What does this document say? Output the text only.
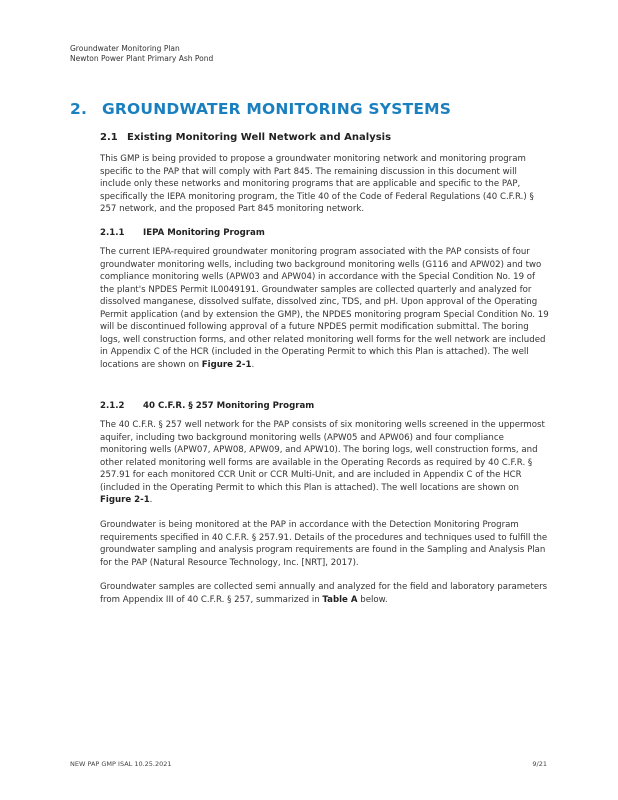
Groundwater Monitoring Plan
Newton Power Plant Primary Ash Pond
2. GROUNDWATER MONITORING SYSTEMS
2.1 Existing Monitoring Well Network and Analysis

This GMP is being provided to propose a groundwater monitoring network and monitoring program specific to the PAP that will comply with Part 845. The remaining discussion in this document will include only these networks and monitoring programs that are applicable and specific to the PAP, specifically the IEPA monitoring program, the Title 40 of the Code of Federal Regulations (40 C.F.R.) § 257 network, and the proposed Part 845 monitoring network.

2.1.1 IEPA Monitoring Program

The current IEPA-required groundwater monitoring program associated with the PAP consists of four groundwater monitoring wells, including two background monitoring wells (G116 and APW02) and two compliance monitoring wells (APW03 and APW04) in accordance with the Special Condition No. 19 of the plant's NPDES Permit IL0049191. Groundwater samples are collected quarterly and analyzed for dissolved manganese, dissolved sulfate, dissolved zinc, TDS, and pH. Upon approval of the Operating Permit application (and by extension the GMP), the NPDES monitoring program Special Condition No. 19 will be discontinued following approval of a future NPDES permit modification submittal. The boring logs, well construction forms, and other related monitoring well forms for the well network are included in Appendix C of the HCR (included in the Operating Permit to which this Plan is attached). The well locations are shown on Figure 2-1.

2.1.2 40 C.F.R. § 257 Monitoring Program

The 40 C.F.R. § 257 well network for the PAP consists of six monitoring wells screened in the uppermost aquifer, including two background monitoring wells (APW05 and APW06) and four compliance monitoring wells (APW07, APW08, APW09, and APW10). The boring logs, well construction forms, and other related monitoring well forms are available in the Operating Records as required by 40 C.F.R. § 257.91 for each monitored CCR Unit or CCR Multi-Unit, and are included in Appendix C of the HCR (included in the Operating Permit to which this Plan is attached). The well locations are shown on Figure 2-1.

Groundwater is being monitored at the PAP in accordance with the Detection Monitoring Program requirements specified in 40 C.F.R. § 257.91. Details of the procedures and techniques used to fulfill the groundwater sampling and analysis program requirements are found in the Sampling and Analysis Plan for the PAP (Natural Resource Technology, Inc. [NRT], 2017).

Groundwater samples are collected semi annually and analyzed for the field and laboratory parameters from Appendix III of 40 C.F.R. § 257, summarized in Table A below.

NEW PAP GMP ISAL 10.25.2021	9/21
